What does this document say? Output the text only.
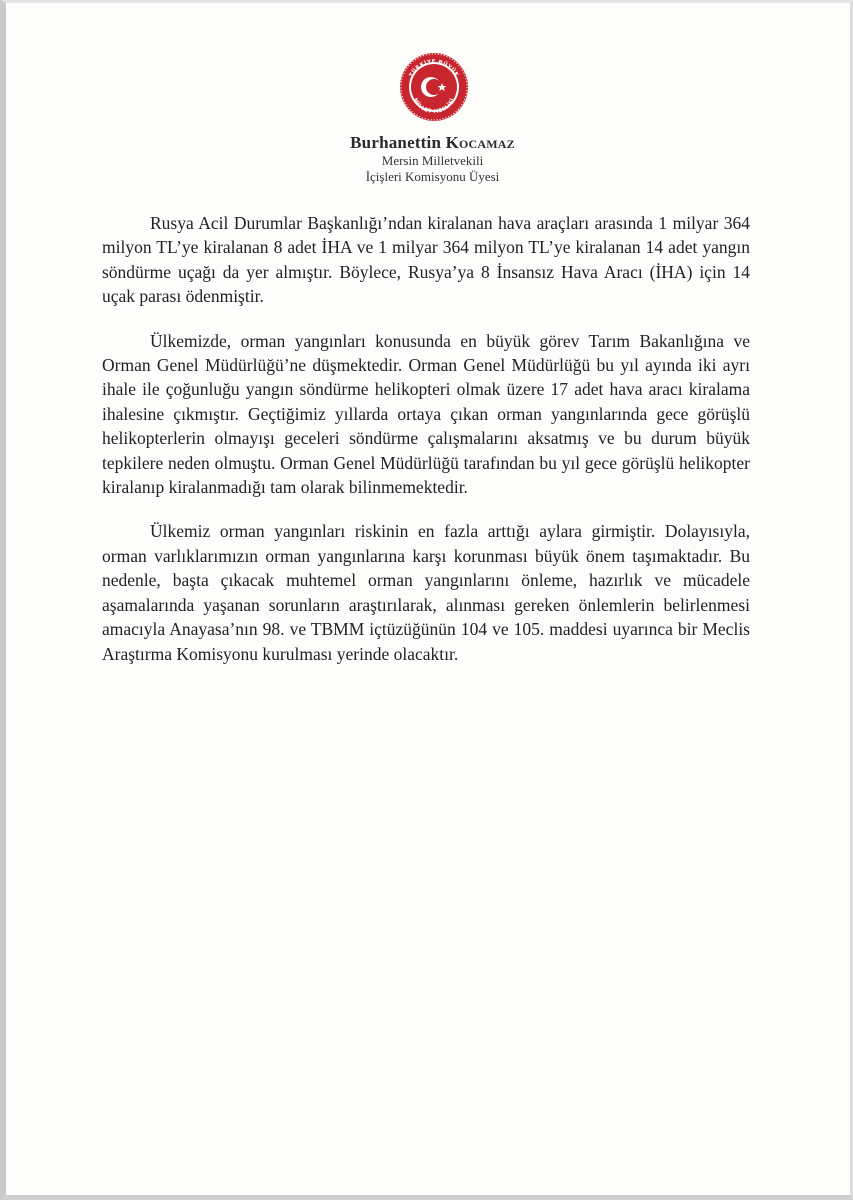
TÜRKİYE BÜYÜK
MİLLET MECLİSİ
Burhanettin Kocamaz
Mersin Milletvekili
İçişleri Komisyonu Üyesi

Rusya Acil Durumlar Başkanlığı’ndan kiralanan hava araçları arasında 1 milyar 364 milyon TL’ye kiralanan 8 adet İHA ve 1 milyar 364 milyon TL’ye kiralanan 14 adet yangın söndürme uçağı da yer almıştır. Böylece, Rusya’ya 8 İnsansız Hava Aracı (İHA) için 14 uçak parası ödenmiştir.

Ülkemizde, orman yangınları konusunda en büyük görev Tarım Bakanlığına ve Orman Genel Müdürlüğü’ne düşmektedir. Orman Genel Müdürlüğü bu yıl ayında iki ayrı ihale ile çoğunluğu yangın söndürme helikopteri olmak üzere 17 adet hava aracı kiralama ihalesine çıkmıştır. Geçtiğimiz yıllarda ortaya çıkan orman yangınlarında gece görüşlü helikopterlerin olmayışı geceleri söndürme çalışmalarını aksatmış ve bu durum büyük tepkilere neden olmuştu. Orman Genel Müdürlüğü tarafından bu yıl gece görüşlü helikopter kiralanıp kiralanmadığı tam olarak bilinmemektedir.

Ülkemiz orman yangınları riskinin en fazla arttığı aylara girmiştir. Dolayısıyla, orman varlıklarımızın orman yangınlarına karşı korunması büyük önem taşımaktadır. Bu nedenle, başta çıkacak muhtemel orman yangınlarını önleme, hazırlık ve mücadele aşamalarında yaşanan sorunların araştırılarak, alınması gereken önlemlerin belirlenmesi amacıyla Anayasa’nın 98. ve TBMM içtüzüğünün 104 ve 105. maddesi uyarınca bir Meclis Araştırma Komisyonu kurulması yerinde olacaktır.
